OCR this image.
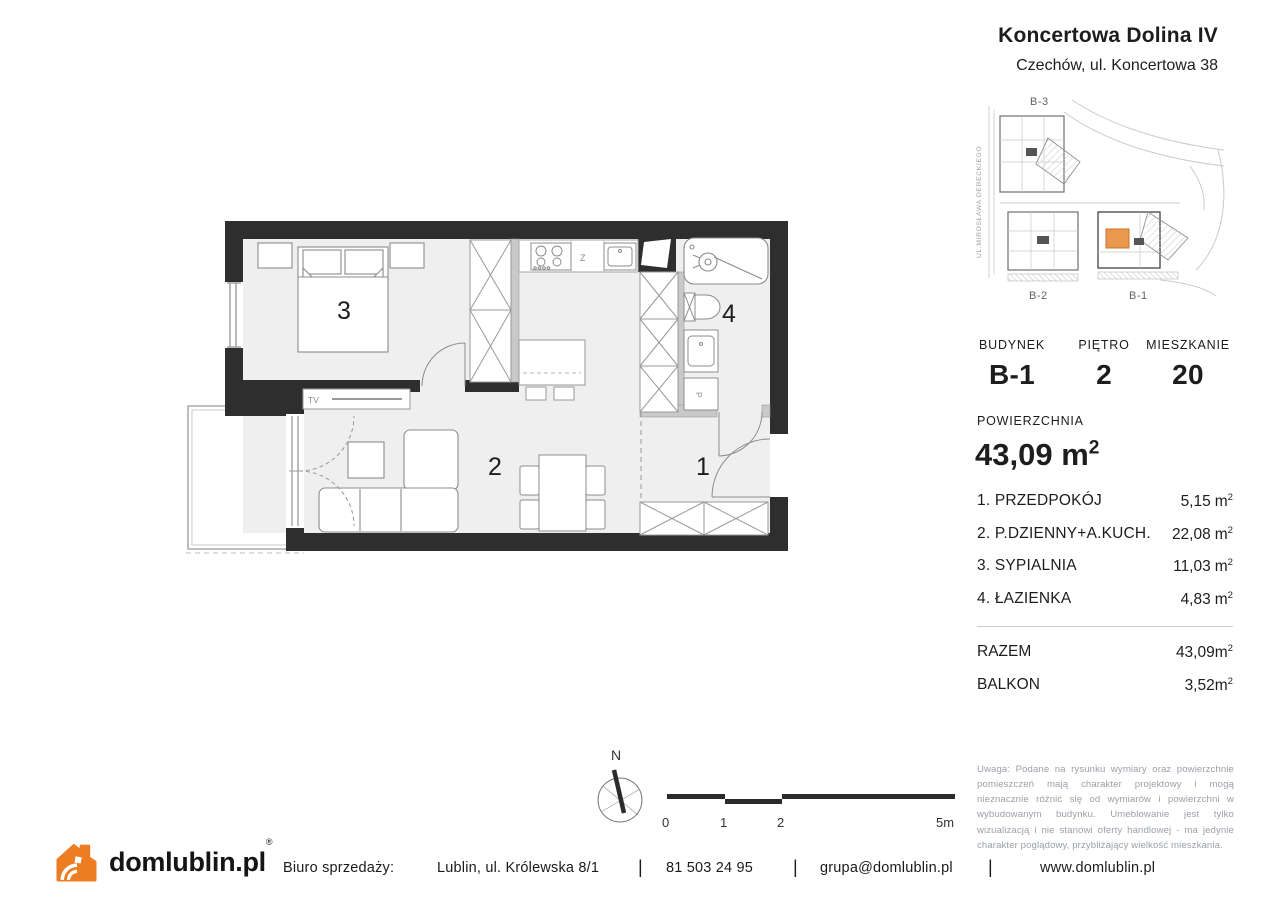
3
2	1
4
TV
Z
P
UL.MIROSŁAWA DERECKIEGO
B-3
B-2	B-1
N
0	1	2	5m
Koncertowa Dolina IV
Czechów, ul. Koncertowa 38
BUDYNEK
B-1
PIĘTRO
2
MIESZKANIE
20
POWIERZCHNIA
43,09 $m^2$
1. PRZEDPOKÓJ	5,15 $m^2$
2. P.DZIENNY+A.KUCH. 22,08 $m^2$
3. SYPIALNIA	11,03 $m^2$
4. ŁAZIENKA	4,83 $m^2$
RAZEM	$43,09m^2$
BALKON	$3,52m^2$
Uwaga: Podane na rysunku wymiary oraz powierzchnie pomieszczeń mają charakter projektowy i mogą nieznacznie różnić się od wymiarów i powierzchni w wybudowanym budynku. Umeblowanie jest tylko wizualizacją i nie stanowi oferty handlowej - ma jedynie charakter poglądowy, przybliżający wielkość mieszkania.
domlublin.pl®
Biuro sprzedaży:	Lublin, ul. Królewska 8/1 | 81 503 24 95 | grupa@domlublin.pl |	www.domlublin.pl
